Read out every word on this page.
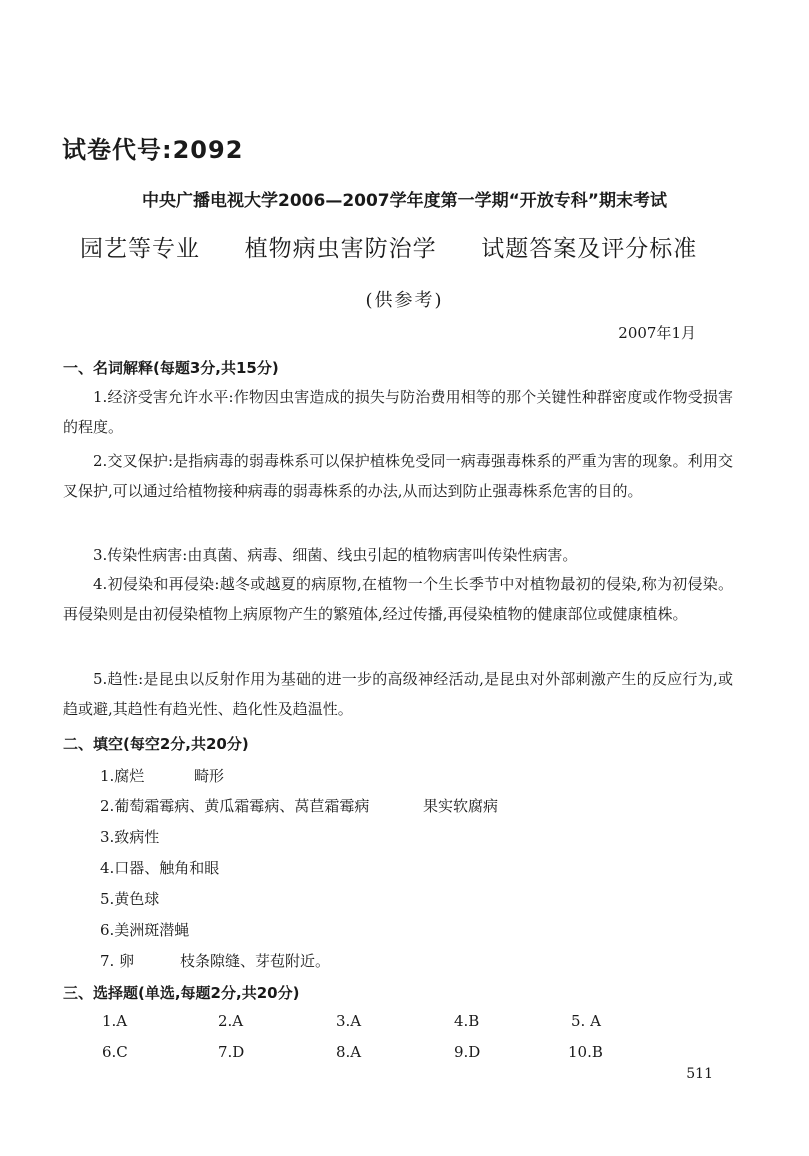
试卷代号:2092
中央广播电视大学2006—2007学年度第一学期“开放专科”期末考试
园艺等专业 植物病虫害防治学 试题答案及评分标准
(供参考)
2007年1月
一、名词解释(每题3分,共15分)
1.经济受害允许水平:作物因虫害造成的损失与防治费用相等的那个关键性种群密度或作物受损害的程度。
2.交叉保护:是指病毒的弱毒株系可以保护植株免受同一病毒强毒株系的严重为害的现象。利用交叉保护,可以通过给植物接种病毒的弱毒株系的办法,从而达到防止强毒株系危害的目的。
3.传染性病害:由真菌、病毒、细菌、线虫引起的植物病害叫传染性病害。
4.初侵染和再侵染:越冬或越夏的病原物,在植物一个生长季节中对植物最初的侵染,称为初侵染。再侵染则是由初侵染植物上病原物产生的繁殖体,经过传播,再侵染植物的健康部位或健康植株。
5.趋性:是昆虫以反射作用为基础的进一步的高级神经活动,是昆虫对外部刺激产生的反应行为,或趋或避,其趋性有趋光性、趋化性及趋温性。
二、填空(每空2分,共20分)
1.腐烂	畸形
2.葡萄霜霉病、黄瓜霜霉病、莴苣霜霉病	果实软腐病
3.致病性
4.口器、触角和眼
5.黄色球
6.美洲斑潜蝇
7. 卵	枝条隙缝、芽苞附近。
三、选择题(单选,每题2分,共20分)
1.A	2.A	3.A	4.B	5. A
6.C	7.D	8.A	9.D	10.B
511
